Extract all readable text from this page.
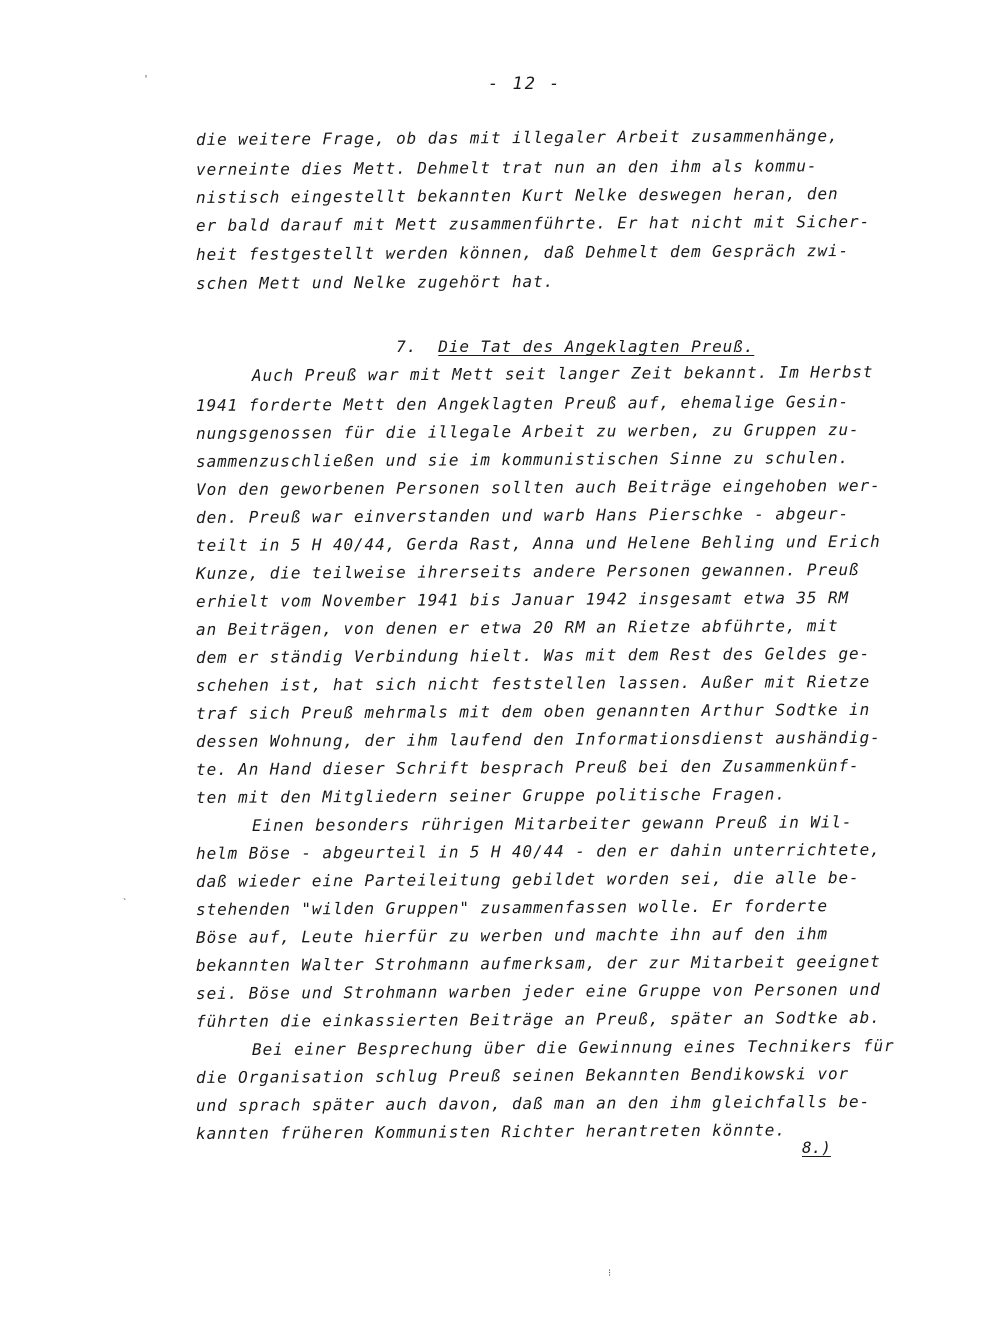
'
`
⁝
- 12 -
die weitere Frage, ob das mit illegaler Arbeit zusammenhänge,
verneinte dies Mett. Dehmelt trat nun an den ihm als kommu-
nistisch eingestellt bekannten Kurt Nelke deswegen heran, den
er bald darauf mit Mett zusammenführte. Er hat nicht mit Sicher-
heit festgestellt werden können, daß Dehmelt dem Gespräch zwi-
schen Mett und Nelke zugehört hat.

7. Die Tat des Angeklagten Preuß.

Auch Preuß war mit Mett seit langer Zeit bekannt. Im Herbst
1941 forderte Mett den Angeklagten Preuß auf, ehemalige Gesin-
nungsgenossen für die illegale Arbeit zu werben, zu Gruppen zu-
sammenzuschließen und sie im kommunistischen Sinne zu schulen.
Von den geworbenen Personen sollten auch Beiträge eingehoben wer-
den. Preuß war einverstanden und warb Hans Pierschke - abgeur-
teilt in 5 H 40/44, Gerda Rast, Anna und Helene Behling und Erich
Kunze, die teilweise ihrerseits andere Personen gewannen. Preuß
erhielt vom November 1941 bis Januar 1942 insgesamt etwa 35 RM
an Beiträgen, von denen er etwa 20 RM an Rietze abführte, mit
dem er ständig Verbindung hielt. Was mit dem Rest des Geldes ge-
schehen ist, hat sich nicht feststellen lassen. Außer mit Rietze
traf sich Preuß mehrmals mit dem oben genannten Arthur Sodtke in
dessen Wohnung, der ihm laufend den Informationsdienst aushändig-
te. An Hand dieser Schrift besprach Preuß bei den Zusammenkünf-
ten mit den Mitgliedern seiner Gruppe politische Fragen.
Einen besonders rührigen Mitarbeiter gewann Preuß in Wil-
helm Böse - abgeurteil in 5 H 40/44 - den er dahin unterrichtete,
daß wieder eine Parteileitung gebildet worden sei, die alle be-
stehenden "wilden Gruppen" zusammenfassen wolle. Er forderte
Böse auf, Leute hierfür zu werben und machte ihn auf den ihm
bekannten Walter Strohmann aufmerksam, der zur Mitarbeit geeignet
sei. Böse und Strohmann warben jeder eine Gruppe von Personen und
führten die einkassierten Beiträge an Preuß, später an Sodtke ab.
Bei einer Besprechung über die Gewinnung eines Technikers für
die Organisation schlug Preuß seinen Bekannten Bendikowski vor
und sprach später auch davon, daß man an den ihm gleichfalls be-
kannten früheren Kommunisten Richter herantreten könnte.
8.)
